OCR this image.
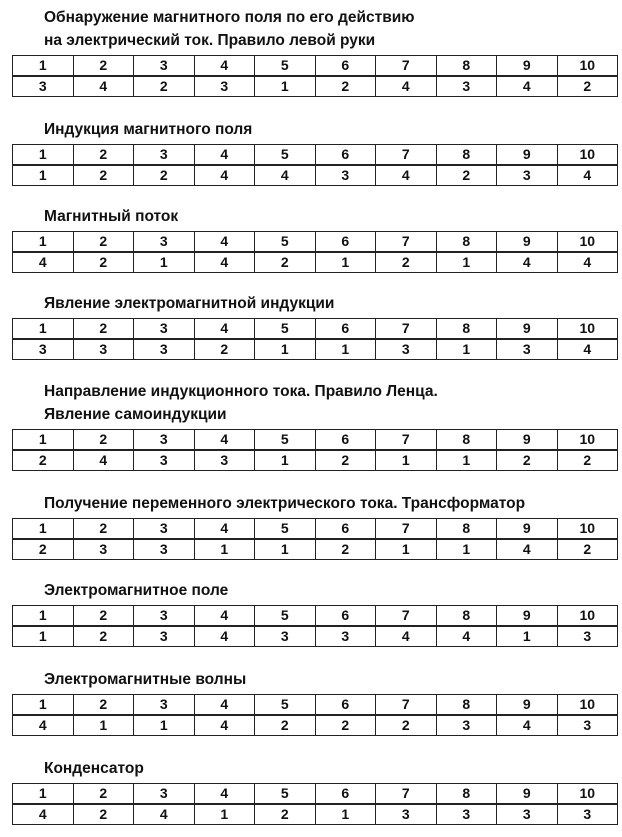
Обнаружение магнитного поля по его действию
на электрический ток. Правило левой руки
1	2	3	4	5	6	7	8	9	10
3	4	2	3	1	2	4	3	4	2
Индукция магнитного поля
1	2	3	4	5	6	7	8	9	10
1	2	2	4	4	3	4	2	3	4
Магнитный поток
1	2	3	4	5	6	7	8	9	10
4	2	1	4	2	1	2	1	4	4
Явление электромагнитной индукции
1	2	3	4	5	6	7	8	9	10
3	3	3	2	1	1	3	1	3	4
Направление индукционного тока. Правило Ленца.
Явление самоиндукции
1	2	3	4	5	6	7	8	9	10
2	4	3	3	1	2	1	1	2	2
Получение переменного электрического тока. Трансформатор
1	2	3	4	5	6	7	8	9	10
2	3	3	1	1	2	1	1	4	2
Электромагнитное поле
1	2	3	4	5	6	7	8	9	10
1	2	3	4	3	3	4	4	1	3
Электромагнитные волны
1	2	3	4	5	6	7	8	9	10
4	1	1	4	2	2	2	3	4	3
Конденсатор
1	2	3	4	5	6	7	8	9	10
4	2	4	1	2	1	3	3	3	3
